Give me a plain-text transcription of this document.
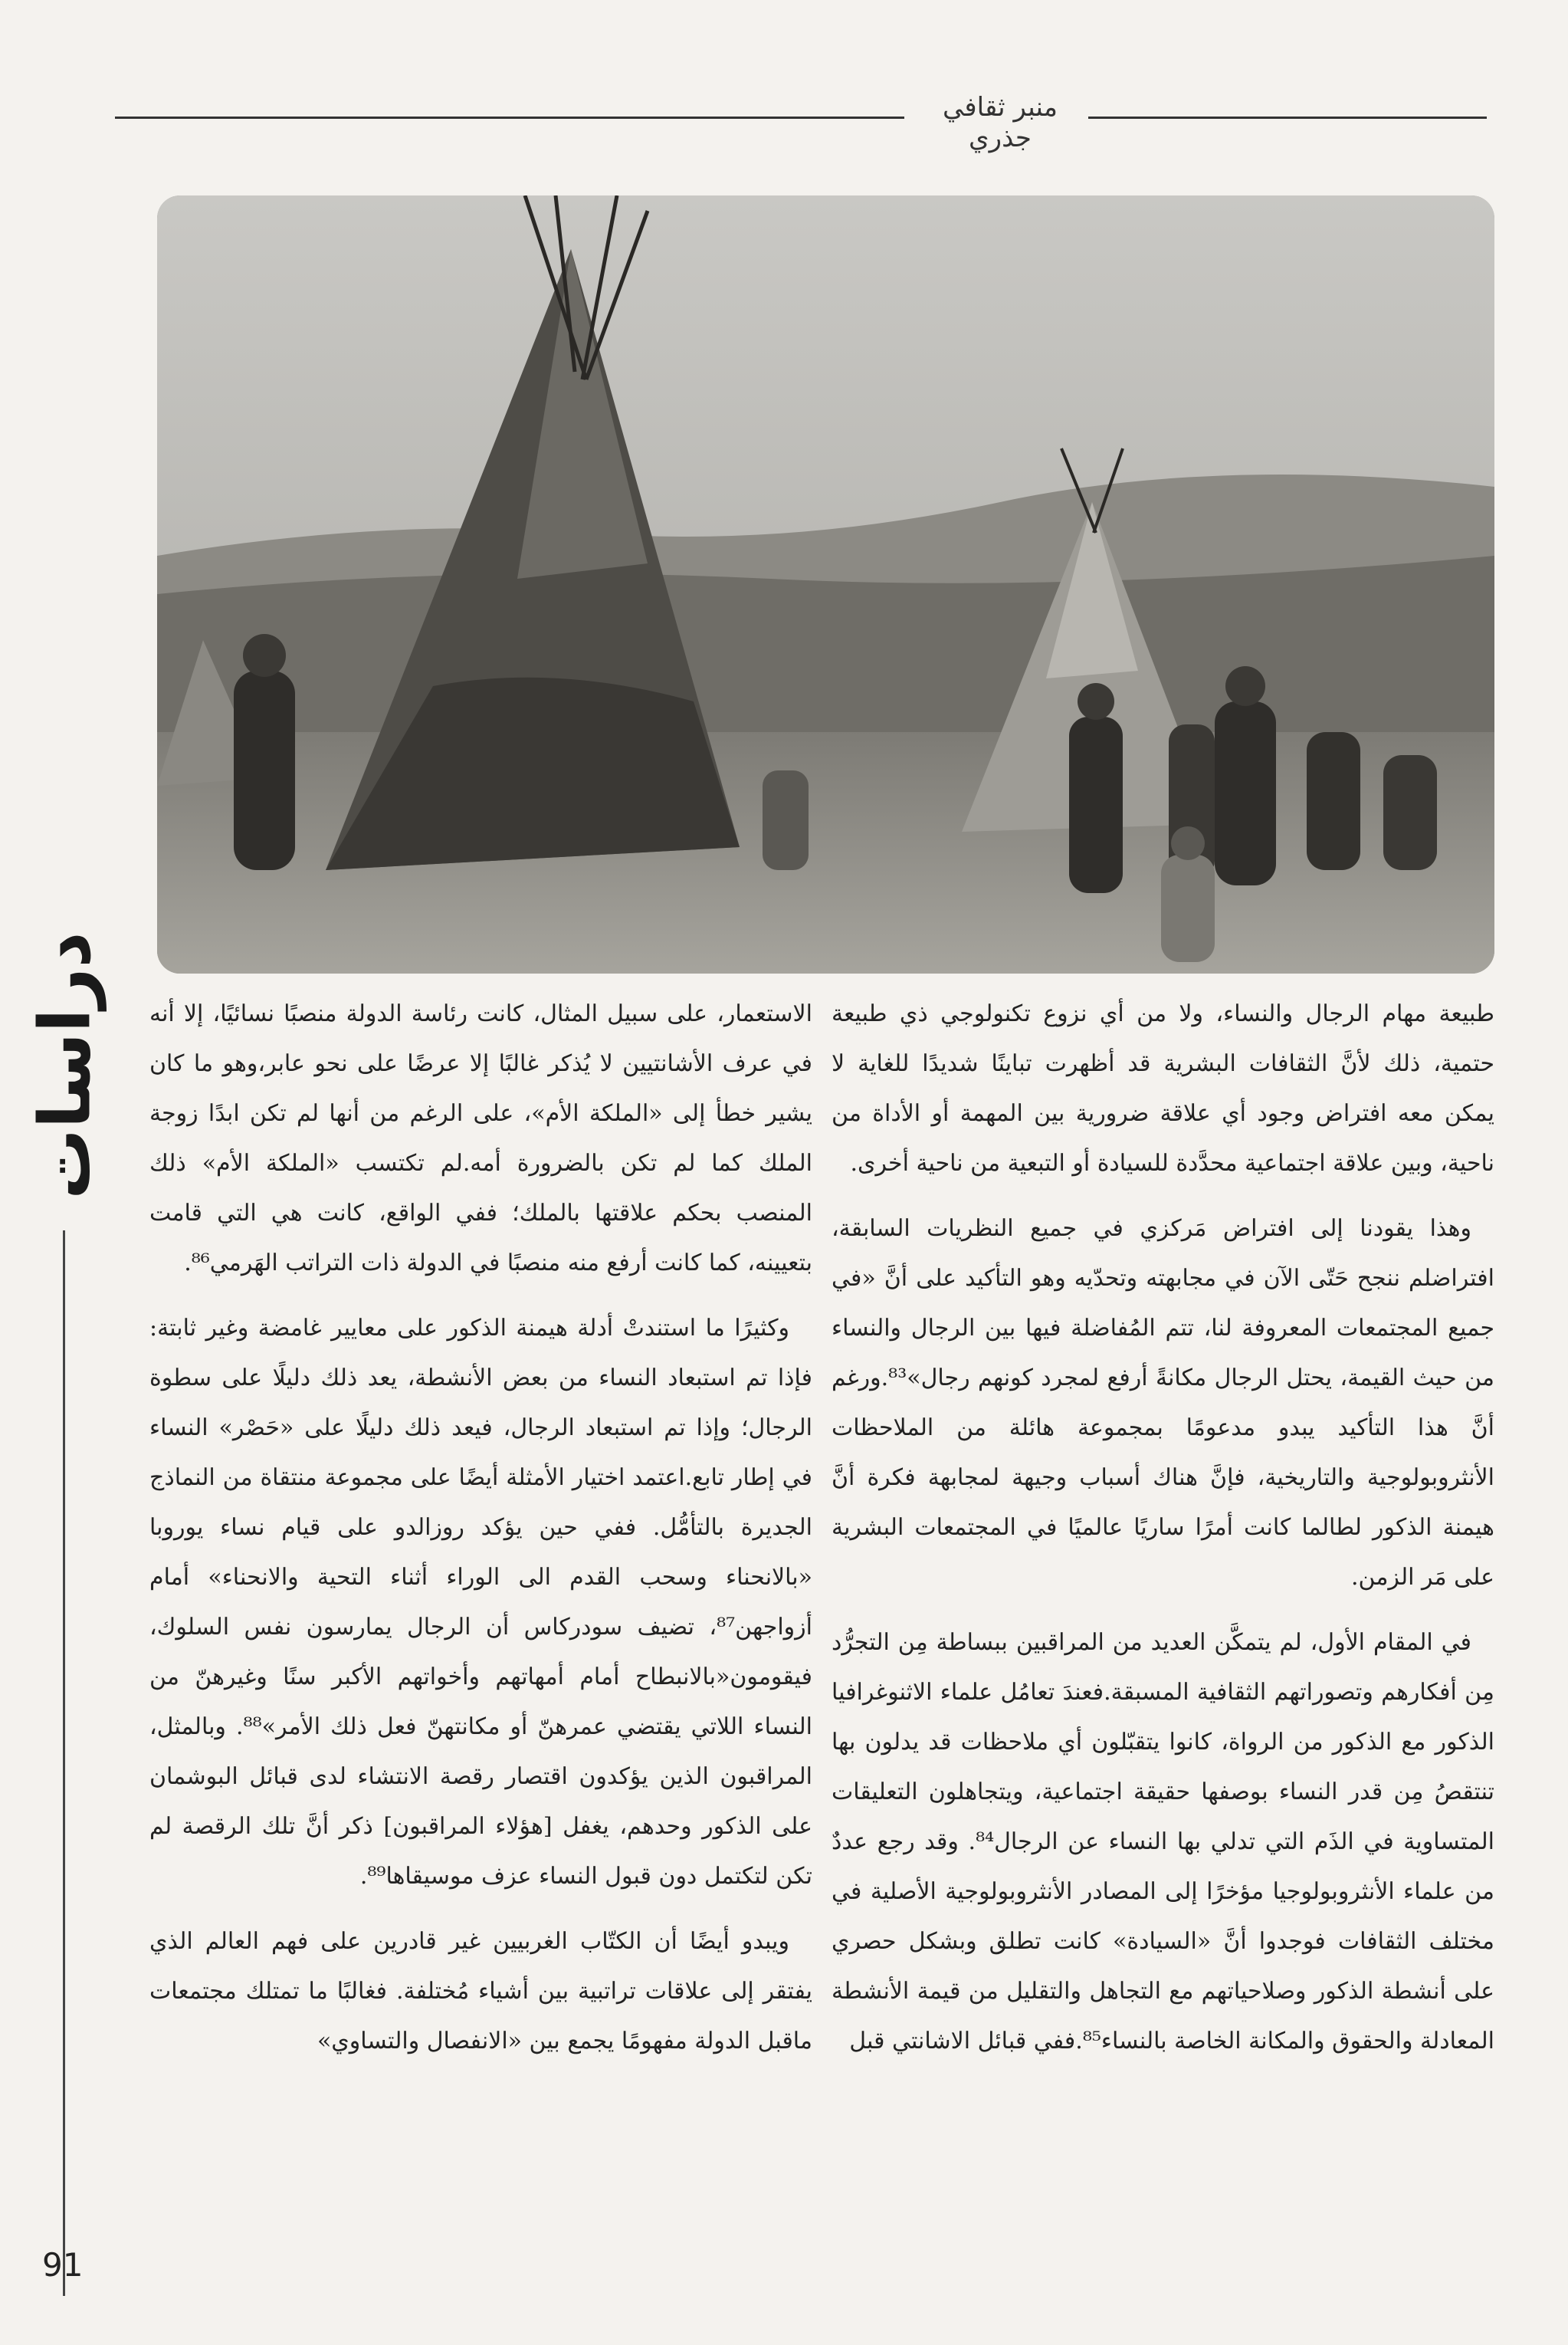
منبر ثقافي جذري
دراسات
91

طبيعة مهام الرجال والنساء، ولا من أي نزوع تكنولوجي ذي طبيعة حتمية، ذلك لأنَّ الثقافات البشرية قد أظهرت تباينًا شديدًا للغاية لا يمكن معه افتراض وجود أي علاقة ضرورية بين المهمة أو الأداة من ناحية، وبين علاقة اجتماعية محدَّدة للسيادة أو التبعية من ناحية أخرى.

وهذا يقودنا إلى افتراض مَركزي في جميع النظريات السابقة، افتراضلم ننجح حَتّى الآن في مجابهته وتحدّيه وهو التأكيد على أنَّ «في جميع المجتمعات المعروفة لنا، تتم المُفاضلة فيها بين الرجال والنساء من حيث القيمة، يحتل الرجال مكانةً أرفع لمجرد كونهم رجال»⁸³.ورغم أنَّ هذا التأكيد يبدو مدعومًا بمجموعة هائلة من الملاحظات الأنثروبولوجية والتاريخية، فإنَّ هناك أسباب وجيهة لمجابهة فكرة أنَّ هيمنة الذكور لطالما كانت أمرًا ساريًا عالميًا في المجتمعات البشرية على مَر الزمن.

في المقام الأول، لم يتمكَّن العديد من المراقبين ببساطة مِن التجرُّد مِن أفكارهم وتصوراتهم الثقافية المسبقة.فعندَ تعامُل علماء الاثنوغرافيا الذكور مع الذكور من الرواة، كانوا يتقبّلون أي ملاحظات قد يدلون بها تنتقصُ مِن قدر النساء بوصفها حقيقة اجتماعية، ويتجاهلون التعليقات المتساوية في الذَم التي تدلي بها النساء عن الرجال⁸⁴. وقد رجع عددٌ من علماء الأنثروبولوجيا مؤخرًا إلى المصادر الأنثروبولوجية الأصلية في مختلف الثقافات فوجدوا أنَّ «السيادة» كانت تطلق وبشكل حصري على أنشطة الذكور وصلاحياتهم مع التجاهل والتقليل من قيمة الأنشطة المعادلة والحقوق والمكانة الخاصة بالنساء⁸⁵.ففي قبائل الاشانتي قبل

الاستعمار، على سبيل المثال، كانت رئاسة الدولة منصبًا نسائيًا، إلا أنه في عرف الأشانتيين لا يُذكر غالبًا إلا عرضًا على نحو عابر،وهو ما كان يشير خطأ إلى «الملكة الأم»، على الرغم من أنها لم تكن ابدًا زوجة الملك كما لم تكن بالضرورة أمه.لم تكتسب «الملكة الأم» ذلك المنصب بحكم علاقتها بالملك؛ ففي الواقع، كانت هي التي قامت بتعيينه، كما كانت أرفع منه منصبًا في الدولة ذات التراتب الهَرمي⁸⁶.

وكثيرًا ما استندتْ أدلة هيمنة الذكور على معايير غامضة وغير ثابتة: فإذا تم استبعاد النساء من بعض الأنشطة، يعد ذلك دليلًا على سطوة الرجال؛ وإذا تم استبعاد الرجال، فيعد ذلك دليلًا على «حَصْر» النساء في إطار تابع.اعتمد اختيار الأمثلة أيضًا على مجموعة منتقاة من النماذج الجديرة بالتأمُّل. ففي حين يؤكد روزالدو على قيام نساء يوروبا «بالانحناء وسحب القدم الى الوراء أثناء التحية والانحناء» أمام أزواجهن⁸⁷، تضيف سودركاس أن الرجال يمارسون نفس السلوك، فيقومون«بالانبطاح أمام أمهاتهم وأخواتهم الأكبر سنًا وغيرهنّ من النساء اللاتي يقتضي عمرهنّ أو مكانتهنّ فعل ذلك الأمر»⁸⁸. وبالمثل، المراقبون الذين يؤكدون اقتصار رقصة الانتشاء لدى قبائل البوشمان على الذكور وحدهم، يغفل [هؤلاء المراقبون] ذكر أنَّ تلك الرقصة لم تكن لتكتمل دون قبول النساء عزف موسيقاها⁸⁹.

ويبدو أيضًا أن الكتّاب الغربيين غير قادرين على فهم العالم الذي يفتقر إلى علاقات تراتبية بين أشياء مُختلفة. فغالبًا ما تمتلك مجتمعات ماقبل الدولة مفهومًا يجمع بين «الانفصال والتساوي»
